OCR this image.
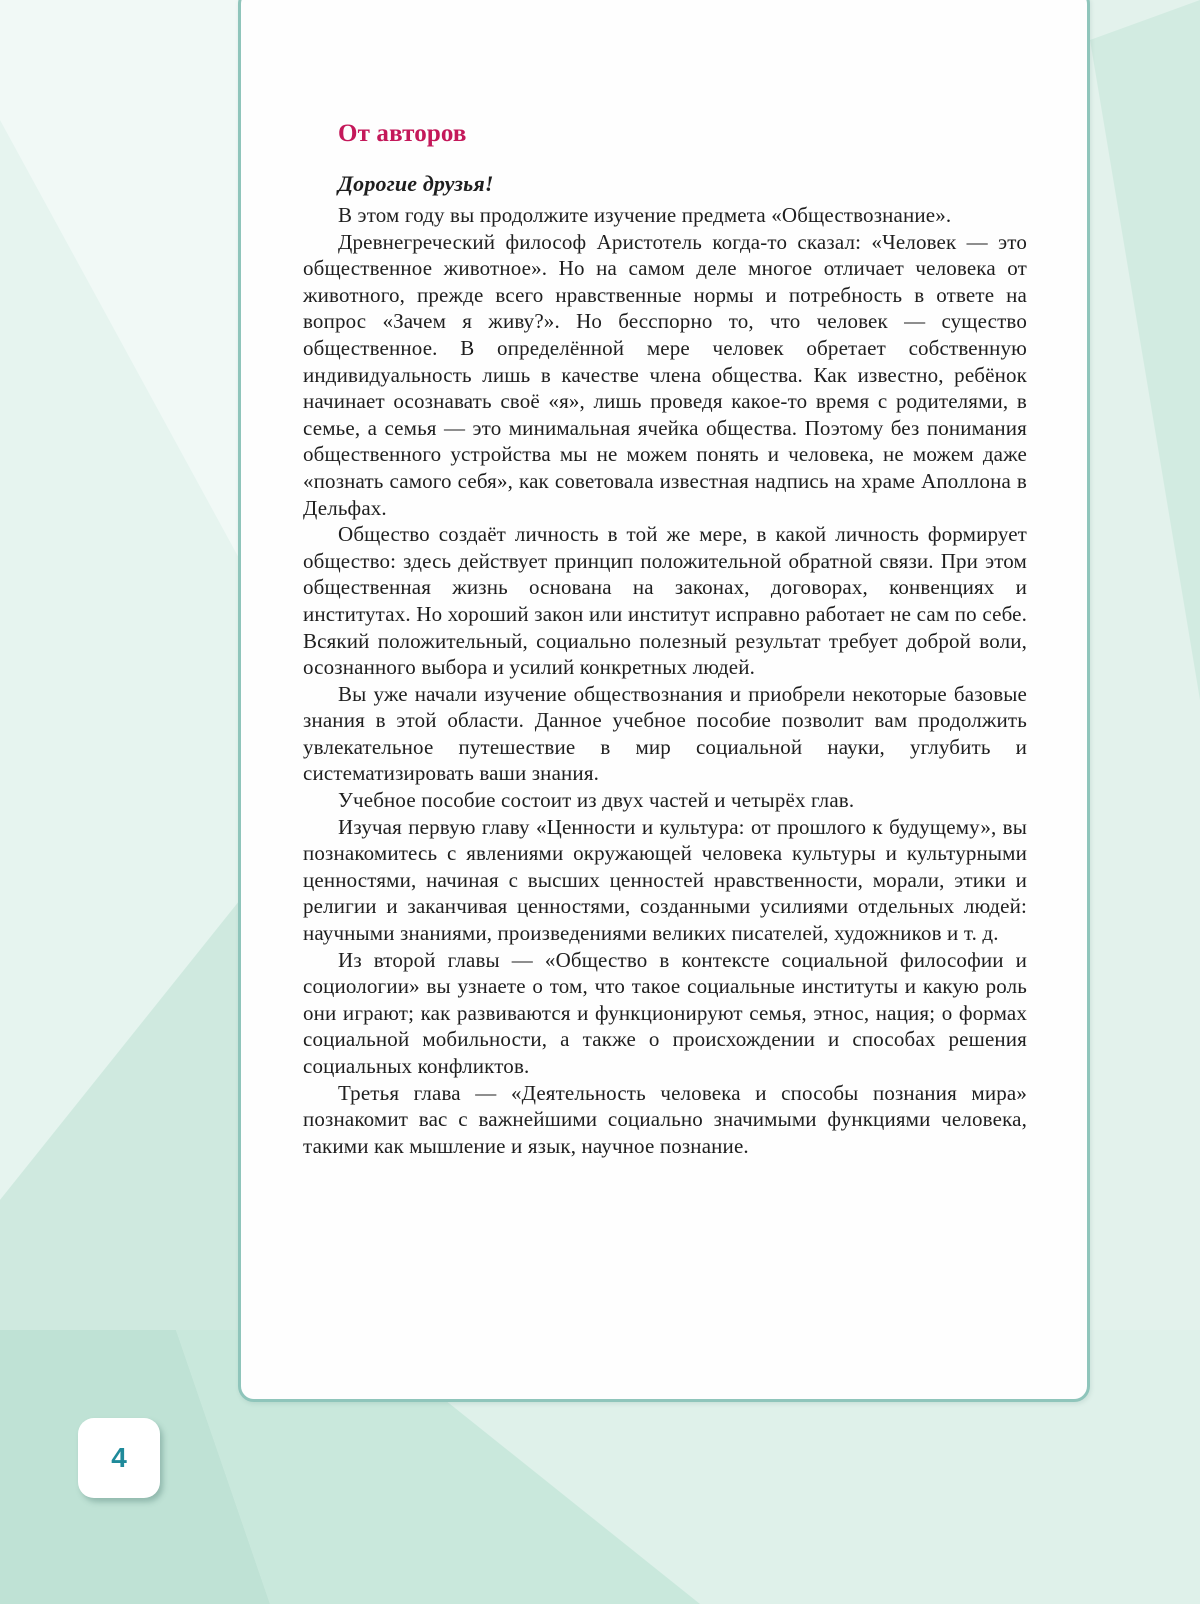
От авторов
Дорогие друзья!

В этом году вы продолжите изучение предмета «Обществознание».

Древнегреческий философ Аристотель когда-то сказал: «Человек — это общественное животное». Но на самом деле многое отличает человека от животного, прежде всего нравственные нормы и потребность в ответе на вопрос «Зачем я живу?». Но бесспорно то, что человек — существо общественное. В определённой мере человек обретает собственную индивидуальность лишь в качестве члена общества. Как известно, ребёнок начинает осознавать своё «я», лишь проведя какое-то время с родителями, в семье, а семья — это минимальная ячейка общества. Поэтому без понимания общественного устройства мы не можем понять и человека, не можем даже «познать самого себя», как советовала известная надпись на храме Аполлона в Дельфах.

Общество создаёт личность в той же мере, в какой личность формирует общество: здесь действует принцип положительной обратной связи. При этом общественная жизнь основана на законах, договорах, конвенциях и институтах. Но хороший закон или институт исправно работает не сам по себе. Всякий положительный, социально полезный результат требует доброй воли, осознанного выбора и усилий конкретных людей.

Вы уже начали изучение обществознания и приобрели некоторые базовые знания в этой области. Данное учебное пособие позволит вам продолжить увлекательное путешествие в мир социальной науки, углубить и систематизировать ваши знания.

Учебное пособие состоит из двух частей и четырёх глав.

Изучая первую главу «Ценности и культура: от прошлого к будущему», вы познакомитесь с явлениями окружающей человека культуры и культурными ценностями, начиная с высших ценностей нравственности, морали, этики и религии и заканчивая ценностями, созданными усилиями отдельных людей: научными знаниями, произведениями великих писателей, художников и т. д.

Из второй главы — «Общество в контексте социальной философии и социологии» вы узнаете о том, что такое социальные институты и какую роль они играют; как развиваются и функционируют семья, этнос, нация; о формах социальной мобильности, а также о происхождении и способах решения социальных конфликтов.

Третья глава — «Деятельность человека и способы познания мира» познакомит вас с важнейшими социально значимыми функциями человека, такими как мышление и язык, научное познание.

4
